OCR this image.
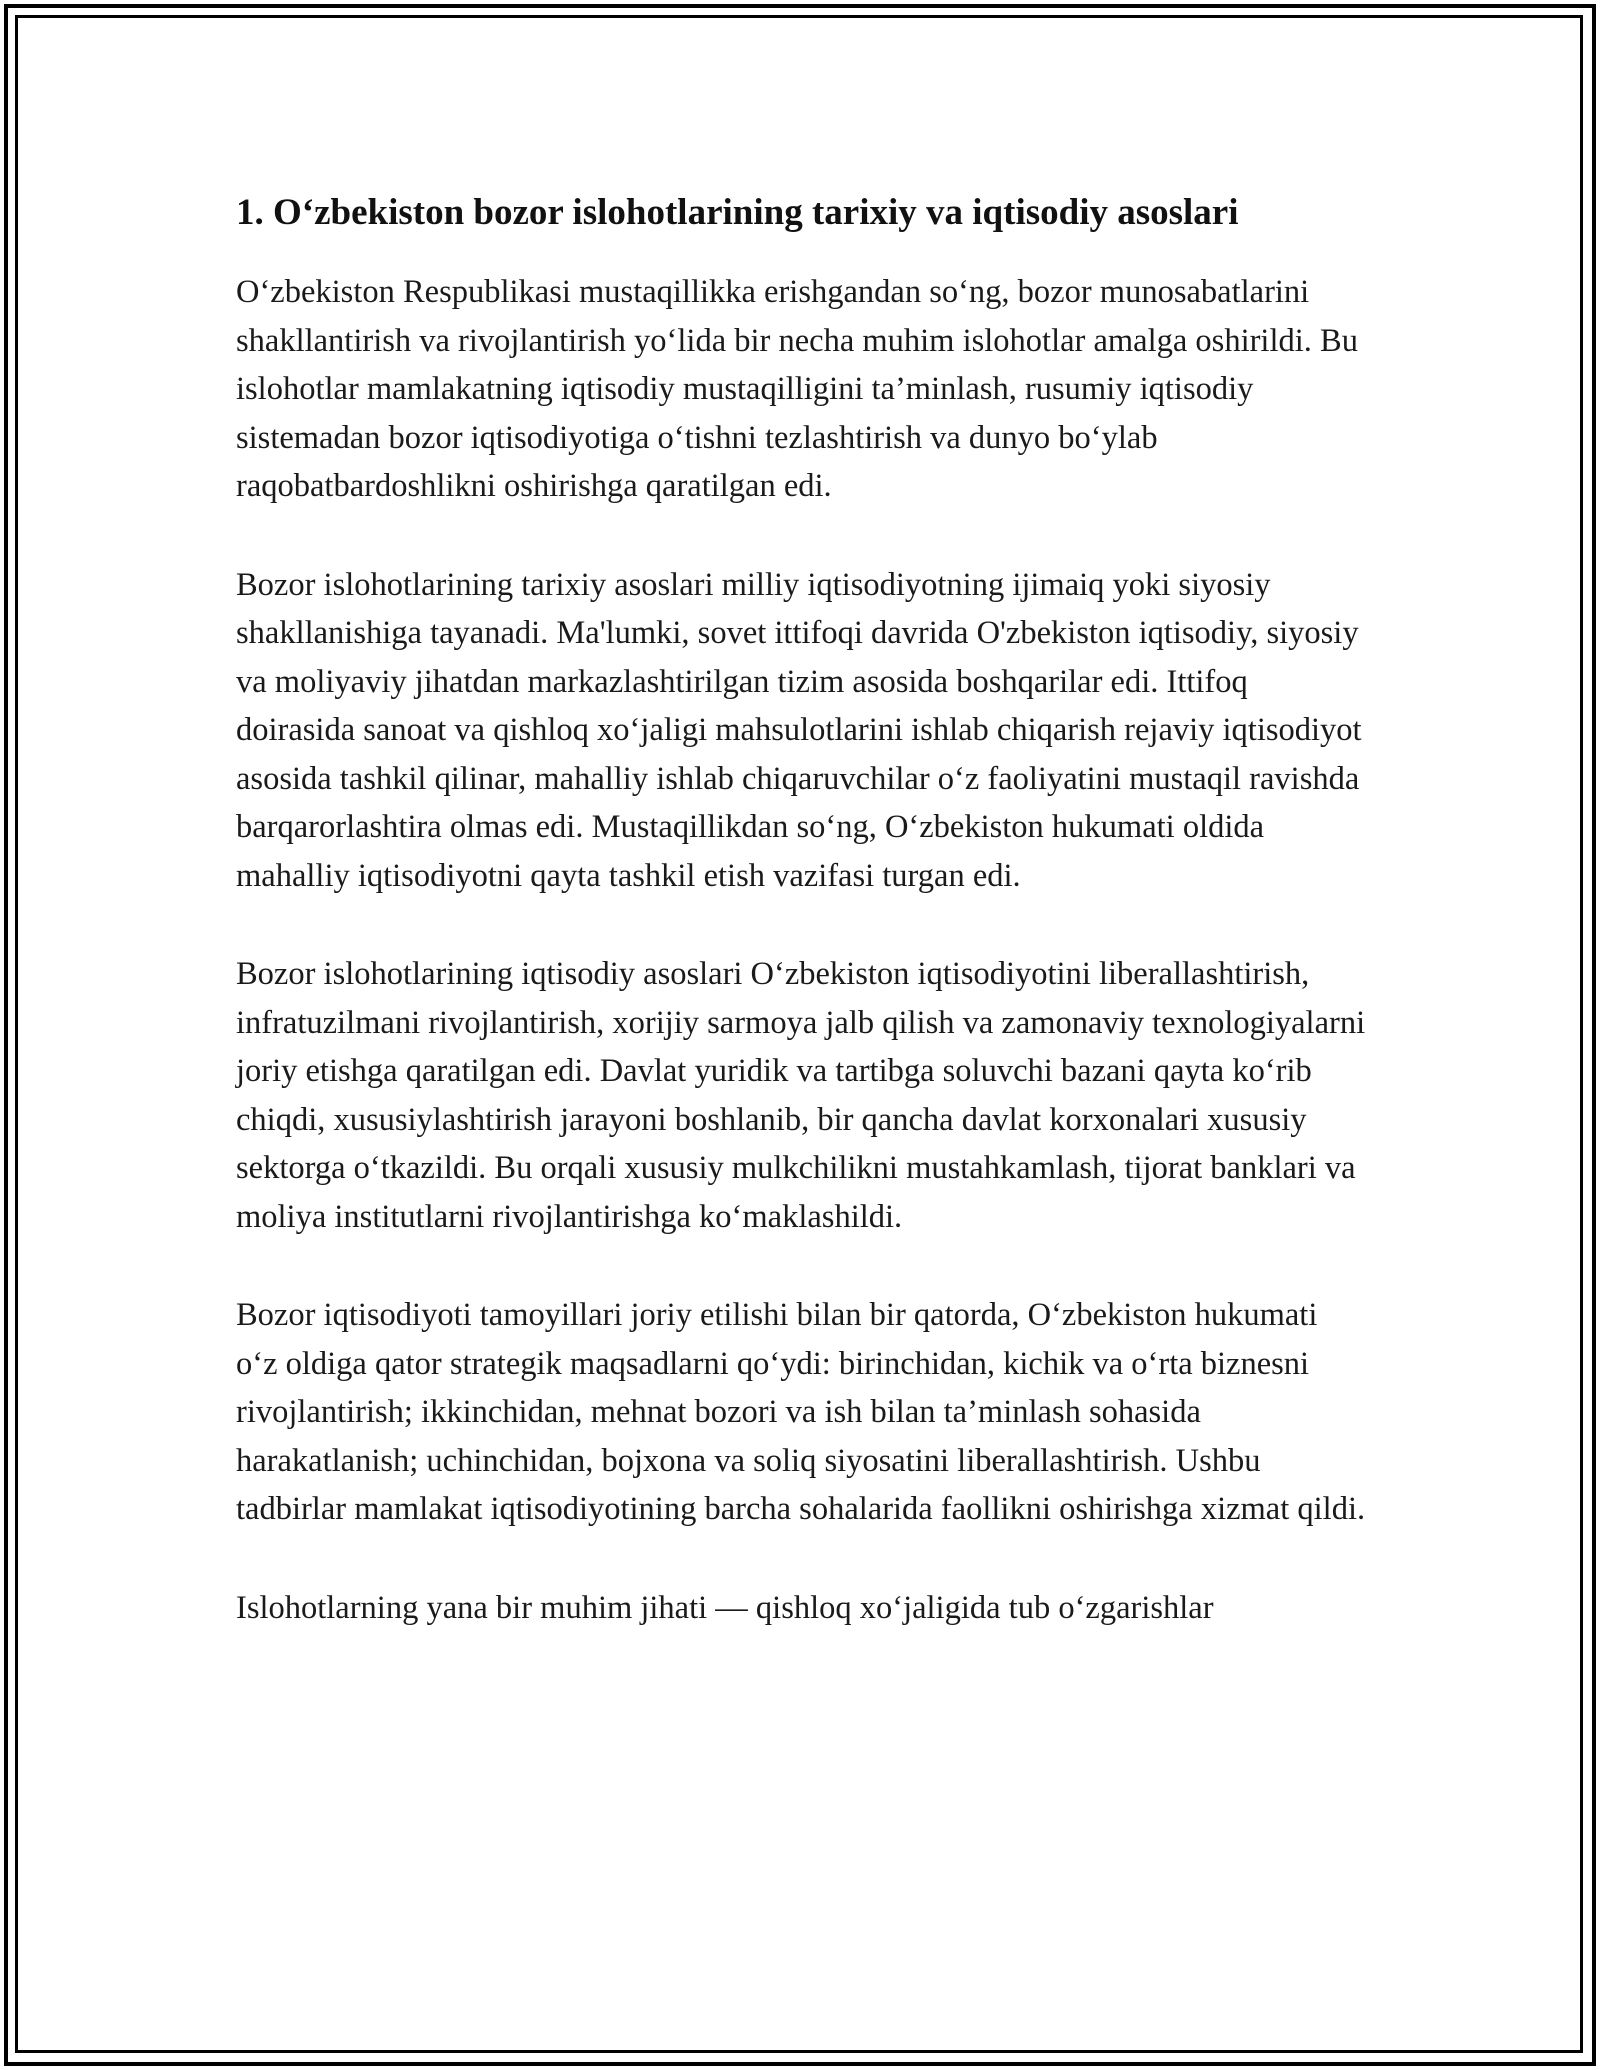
1. O‘zbekiston bozor islohotlarining tarixiy va iqtisodiy asoslari

O‘zbekiston Respublikasi mustaqillikka erishgandan so‘ng, bozor munosabatlarini shakllantirish va rivojlantirish yo‘lida bir necha muhim islohotlar amalga oshirildi. Bu islohotlar mamlakatning iqtisodiy mustaqilligini ta’minlash, rusumiy iqtisodiy sistemadan bozor iqtisodiyotiga o‘tishni tezlashtirish va dunyo bo‘ylab raqobatbardoshlikni oshirishga qaratilgan edi.

Bozor islohotlarining tarixiy asoslari milliy iqtisodiyotning ijimaiq yoki siyosiy shakllanishiga tayanadi. Ma'lumki, sovet ittifoqi davrida O'zbekiston iqtisodiy, siyosiy va moliyaviy jihatdan markazlashtirilgan tizim asosida boshqarilar edi. Ittifoq doirasida sanoat va qishloq xo‘jaligi mahsulotlarini ishlab chiqarish rejaviy iqtisodiyot asosida tashkil qilinar, mahalliy ishlab chiqaruvchilar o‘z faoliyatini mustaqil ravishda barqarorlashtira olmas edi. Mustaqillikdan so‘ng, O‘zbekiston hukumati oldida mahalliy iqtisodiyotni qayta tashkil etish vazifasi turgan edi.

Bozor islohotlarining iqtisodiy asoslari O‘zbekiston iqtisodiyotini liberallashtirish, infratuzilmani rivojlantirish, xorijiy sarmoya jalb qilish va zamonaviy texnologiyalarni joriy etishga qaratilgan edi. Davlat yuridik va tartibga soluvchi bazani qayta ko‘rib chiqdi, xususiylashtirish jarayoni boshlanib, bir qancha davlat korxonalari xususiy sektorga o‘tkazildi. Bu orqali xususiy mulkchilikni mustahkamlash, tijorat banklari va moliya institutlarni rivojlantirishga ko‘maklashildi.

Bozor iqtisodiyoti tamoyillari joriy etilishi bilan bir qatorda, O‘zbekiston hukumati o‘z oldiga qator strategik maqsadlarni qo‘ydi: birinchidan, kichik va o‘rta biznesni rivojlantirish; ikkinchidan, mehnat bozori va ish bilan ta’minlash sohasida harakatlanish; uchinchidan, bojxona va soliq siyosatini liberallashtirish. Ushbu tadbirlar mamlakat iqtisodiyotining barcha sohalarida faollikni oshirishga xizmat qildi.

Islohotlarning yana bir muhim jihati — qishloq xo‘jaligida tub o‘zgarishlar
